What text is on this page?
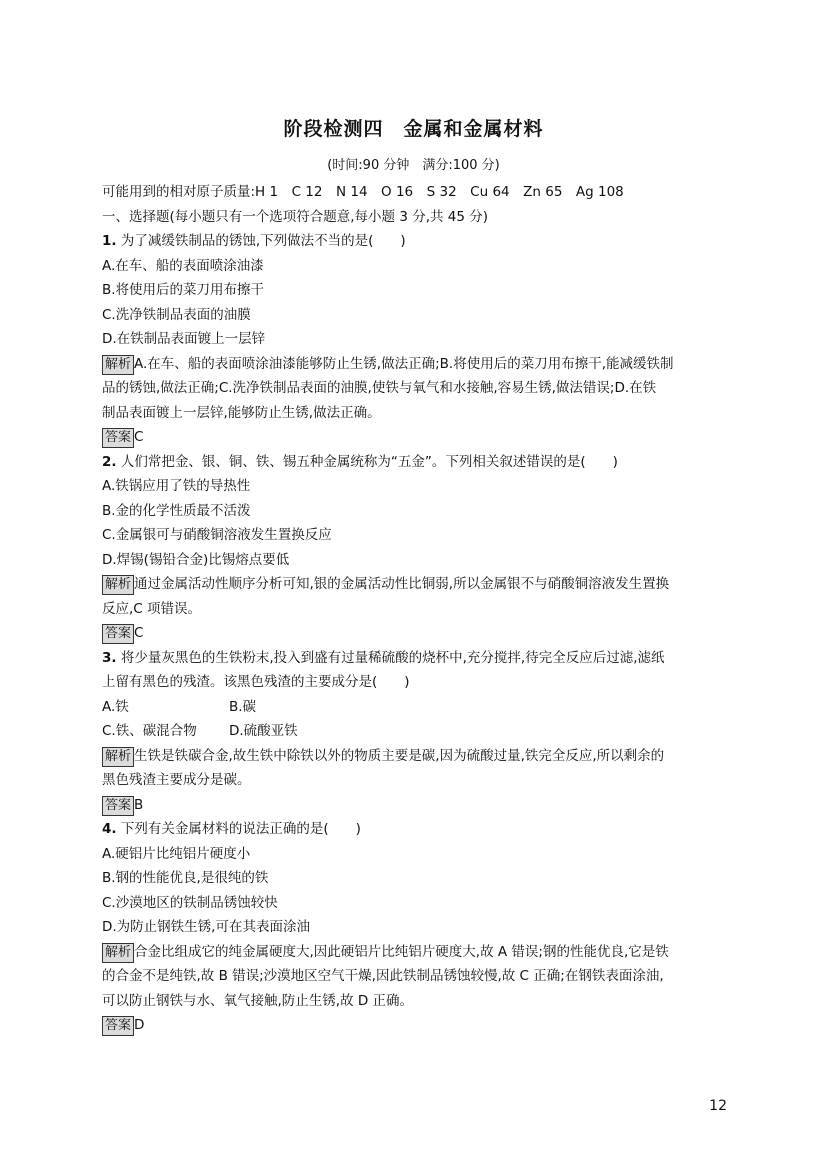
阶段检测四　金属和金属材料
(时间:90 分钟　满分:100 分)

可能用到的相对原子质量:H 1　C 12　N 14　O 16　S 32　Cu 64　Zn 65　Ag 108

一、选择题(每小题只有一个选项符合题意,每小题 3 分,共 45 分)

1. 为了减缓铁制品的锈蚀,下列做法不当的是(　　)

A.在车、船的表面喷涂油漆

B.将使用后的菜刀用布擦干

C.洗净铁制品表面的油膜

D.在铁制品表面镀上一层锌

解析 A.在车、船的表面喷涂油漆能够防止生锈,做法正确;B.将使用后的菜刀用布擦干,能减缓铁制

品的锈蚀,做法正确;C.洗净铁制品表面的油膜,使铁与氧气和水接触,容易生锈,做法错误;D.在铁

制品表面镀上一层锌,能够防止生锈,做法正确。

答案 C

2. 人们常把金、银、铜、铁、锡五种金属统称为“五金”。下列相关叙述错误的是(　　)

A.铁锅应用了铁的导热性

B.金的化学性质最不活泼

C.金属银可与硝酸铜溶液发生置换反应

D.焊锡(锡铅合金)比锡熔点要低

解析 通过金属活动性顺序分析可知,银的金属活动性比铜弱,所以金属银不与硝酸铜溶液发生置换

反应,C 项错误。

答案 C

3. 将少量灰黑色的生铁粉末,投入到盛有过量稀硫酸的烧杯中,充分搅拌,待完全反应后过滤,滤纸

上留有黑色的残渣。该黑色残渣的主要成分是(　　)

A.铁	B.碳

C.铁、碳混合物	D.硫酸亚铁

解析 生铁是铁碳合金,故生铁中除铁以外的物质主要是碳,因为硫酸过量,铁完全反应,所以剩余的

黑色残渣主要成分是碳。

答案 B

4. 下列有关金属材料的说法正确的是(　　)

A.硬铝片比纯铝片硬度小

B.钢的性能优良,是很纯的铁

C.沙漠地区的铁制品锈蚀较快

D.为防止钢铁生锈,可在其表面涂油

解析 合金比组成它的纯金属硬度大,因此硬铝片比纯铝片硬度大,故 A 错误;钢的性能优良,它是铁

的合金不是纯铁,故 B 错误;沙漠地区空气干燥,因此铁制品锈蚀较慢,故 C 正确;在钢铁表面涂油,

可以防止钢铁与水、氧气接触,防止生锈,故 D 正确。

答案 D

12
